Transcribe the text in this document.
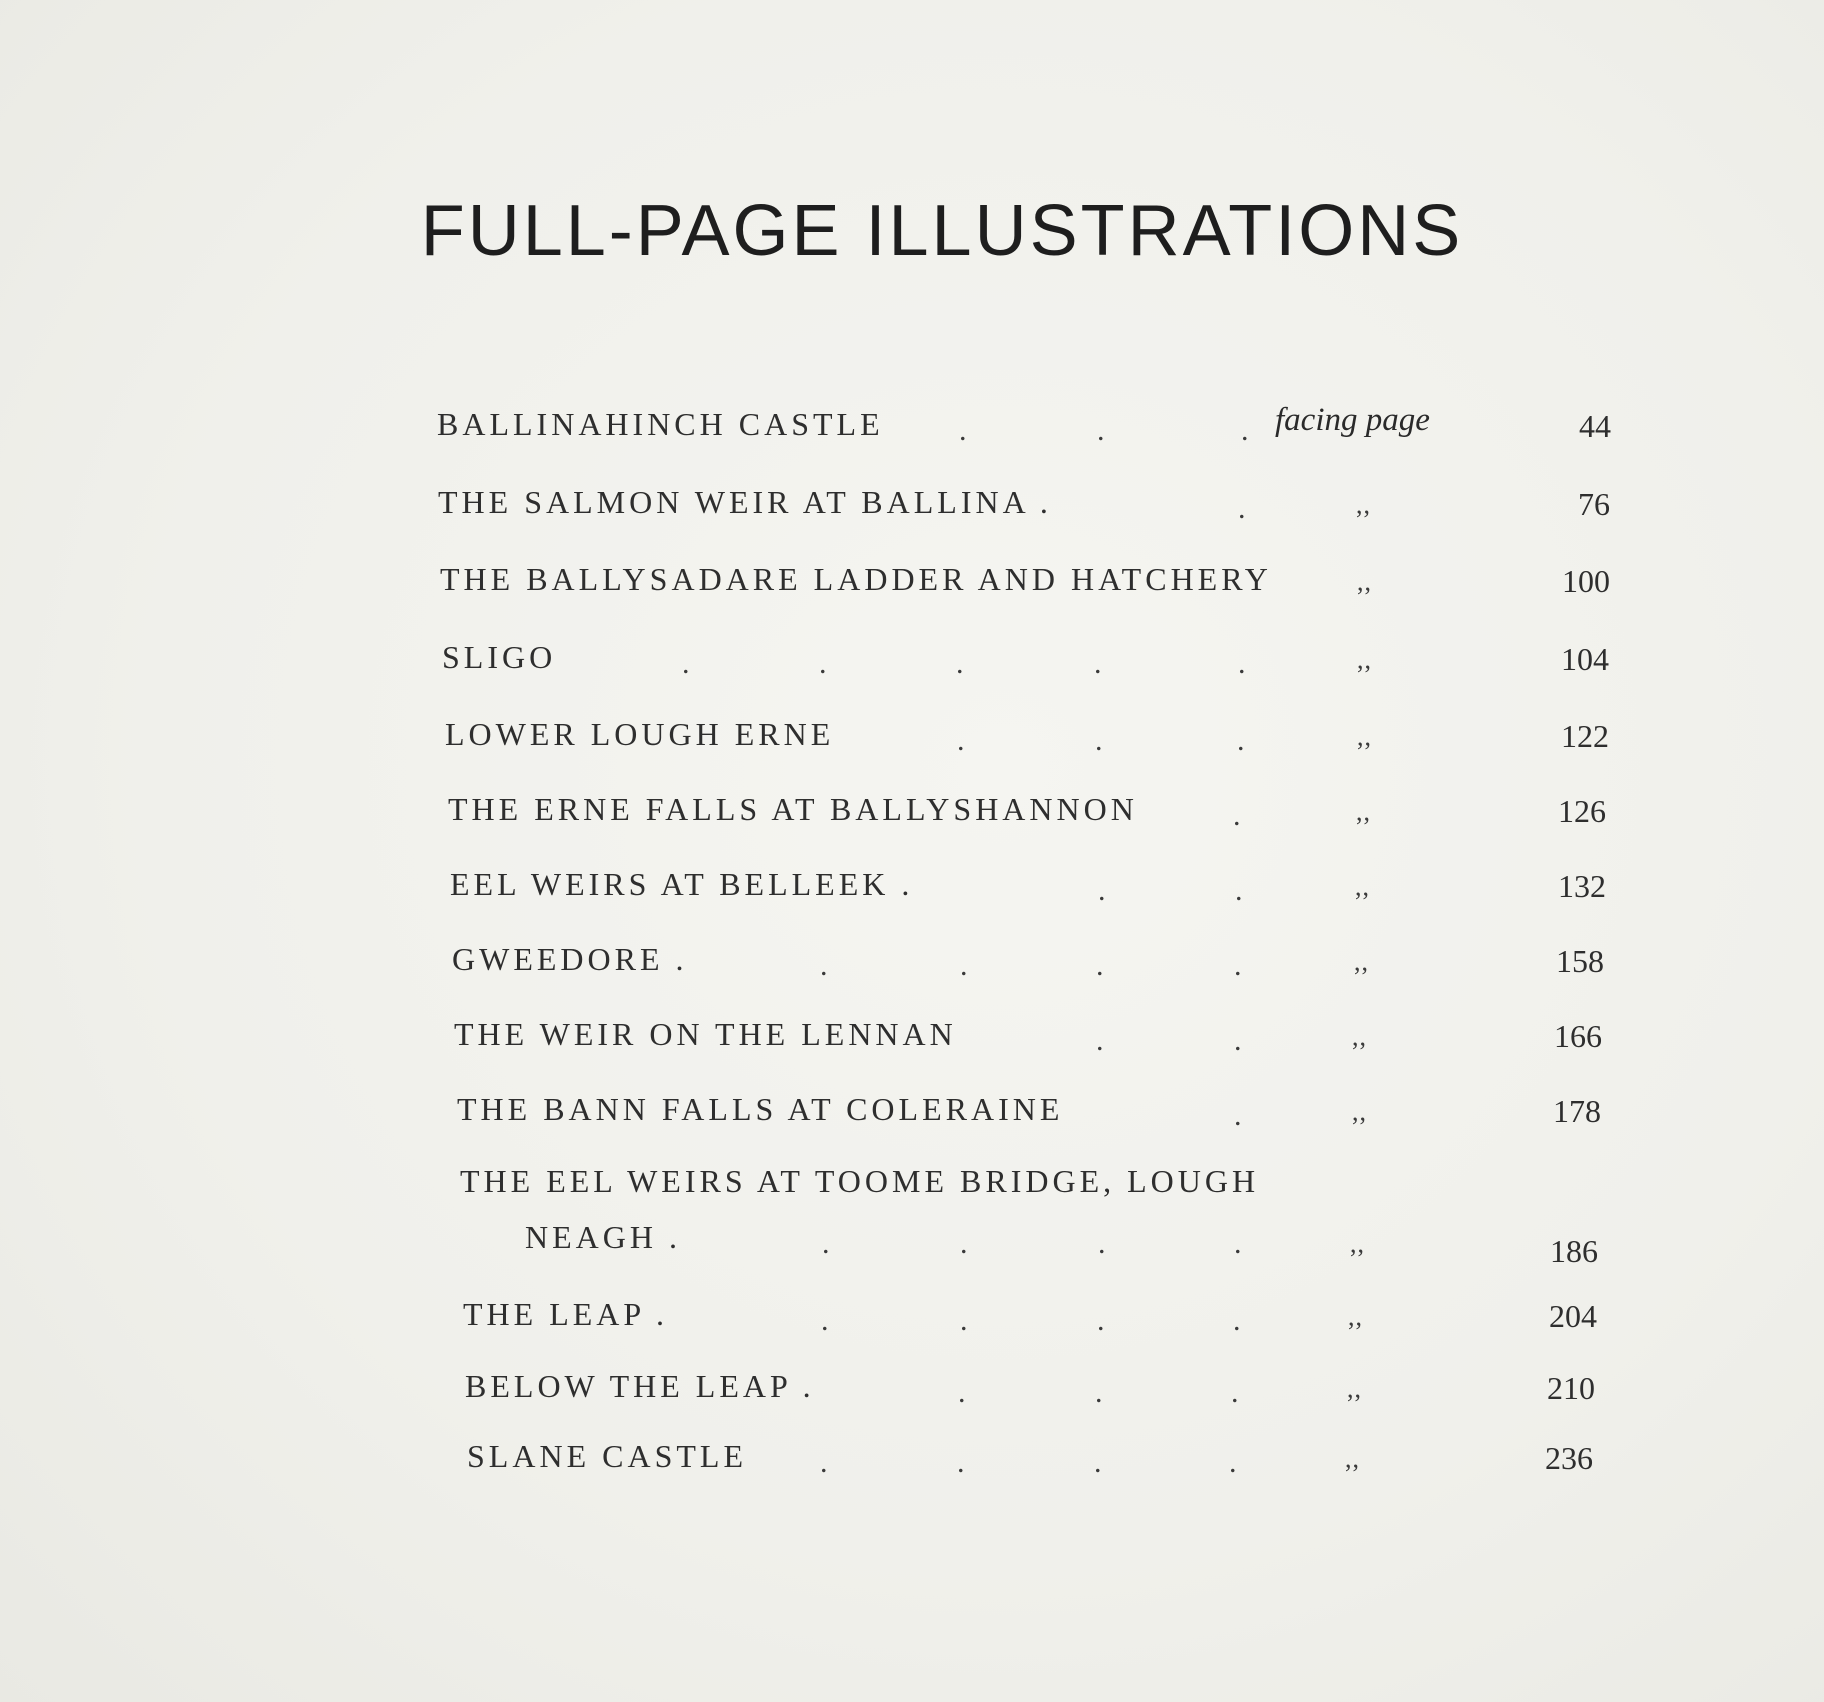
FULL-PAGE ILLUSTRATIONS
BALLINAHINCH CASTLE	.	.	. facing page	44
THE SALMON WEIR AT BALLINA .	.	,,	76
THE BALLYSADARE LADDER AND HATCHERY	,,	100
SLIGO	.	.	.	.	.	,,	104
LOWER LOUGH ERNE	.	.	.	,,	122
THE ERNE FALLS AT BALLYSHANNON	.	,,	126
EEL WEIRS AT BELLEEK .	.	.	,,	132
GWEEDORE .	.	.	.	.	,,	158
THE WEIR ON THE LENNAN	.	.	,,	166
THE BANN FALLS AT COLERAINE	.	,,	178
THE EEL WEIRS AT TOOME BRIDGE, LOUGH
NEAGH .	.	.	.	.	,,	186
THE LEAP .	.	.	.	.	,,	204
BELOW THE LEAP .	.	.	.	,,	210
SLANE CASTLE .	.	.	.	,,	236
